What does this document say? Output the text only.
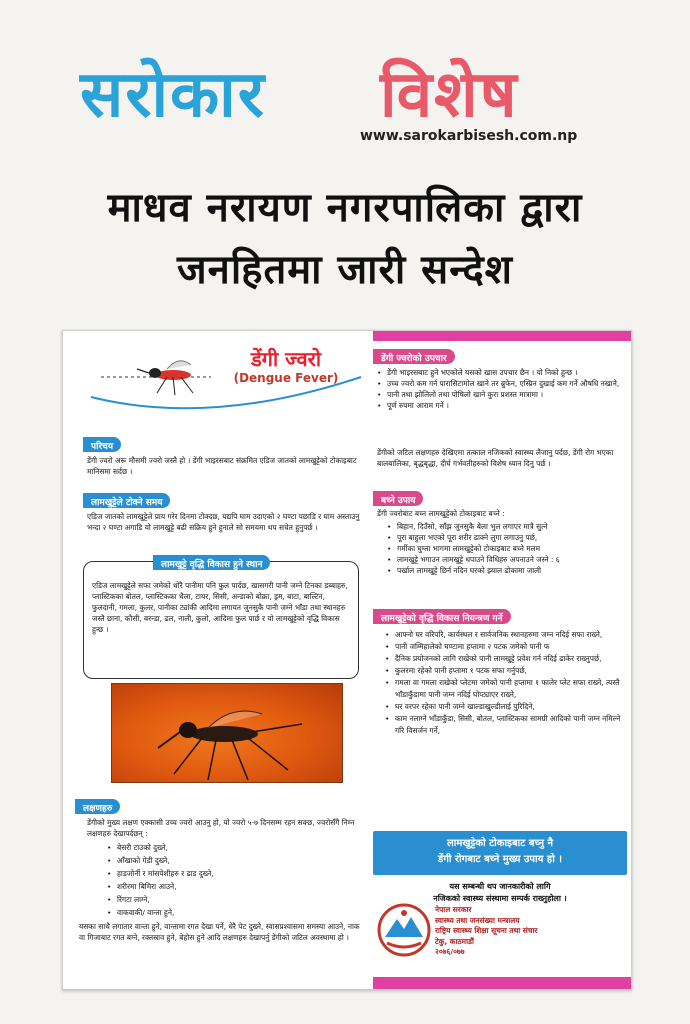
सरोकार विशेष
www.sarokarbisesh.com.np
माधव नरायण नगरपालिका द्वारा
जनहितमा जारी सन्देश
डेंगी ज्वरो
(Dengue Fever)
परिचय
डेंगी ज्वरो अरू मौसमी ज्वरो जस्तै हो । डेंगी भाइरसबाट संक्रमित एडिज जातको लामखुट्टेको टोकाइबाट मानिसमा सर्दछ ।
लामखुट्टेले टोक्ने समय
एडिज जातको लामखुट्टेले प्राय गरेर दिनमा टोक्दछ, यद्यपि घाम उदाएको २ घण्टा पछाडि र घाम अस्ताउनु भन्दा २ घण्टा अगाडि यो लामखुट्टे बढी सक्रिय हुने हुनाले सो समयमा थप सचेत हुनुपर्छ ।
एडिज लामखुट्टेले सफा जमेको थोरै पानीमा पनि फुल पार्दछ, खासगरी पानी जम्ने टिनका डब्बाहरु, प्लास्टिकका बोतल, प्लास्टिकका थैला, टायर, सिसी, अन्डाको बोक्रा, ड्रम, बाटा, बाल्टिन, फुलदानी, गमला, कुलर, पानीका ट्यांकी आदिमा लगायत जुनसुकै पानी जम्ने भाँडा तथा स्थानहरु जस्तै छाना, कौसी, बरन्डा, ढल, नाली, कुलो, आदिमा फुल पार्छ र यो लामखुट्टेको वृद्धि विकास हुन्छ ।
लामखुट्टे वृद्धि विकास हुने स्थान
लक्षणहरु
डेंगीको मुख्य लक्षण एक्कासी उच्च ज्वरो आउनु हो, यो ज्वरो ५-७ दिनसम्म रहन सक्छ, ज्वरोसँगै निम्न लक्षणहरु देखापर्दछन् :
• बेसरी टाउको दुख्ने,
• आँखाको गेडी दुख्ने,
• हाड़जोर्नी र मांसपेशीहरु र ढाड दुख्ने,
• शरीरमा बिमिरा आउने,
• रिंगटा लाग्ने,
• वाकवाकी/ वान्ता हुने,
यसका साथै लगातार वान्ता हुने, वान्तामा रगत देखा पर्ने, धेरै पेट दुख्ने, स्वासप्रश्वासमा समस्या आउने, नाक वा गिजाबाट रगत बग्ने, रक्तस्राव हुने, बेहोस हुने आदि लक्षणहरु देखापर्नु डेंगीको जटिल अवस्थामा हो ।
डेंगी ज्वरोको उपचार
• डेंगी भाइरसबाट हुने भएकोले यसको खास उपचार छैन । यो निको हुन्छ ।
• उच्च ज्वरो कम गर्न पारासिटामोल खाने तर ब्रुफेन, एस्प्रिन दुखाई कम गर्ने औषधि नखाने,
• पानी तथा झोलिलो तथा पोषिलो खाने कुरा प्रशस्त मात्रामा ।
• पूर्ण रुपमा आराम गर्ने ।
डेंगीको जटिल लक्षणहरु देखिएमा तत्काल नजिकको स्वास्थ्य लैजानु पर्दछ, डेंगी रोग भएका बालबालिका, बृद्धबृद्धा, दीर्घ गर्भवतीहरुको विशेष ध्यान दिनु पर्छ ।
बच्ने उपाय
डेंगी ज्वरोबाट बच्न लामखुट्टेको टोकाइबाट बच्ने :
• बिहान, दिउँसो, साँझ जुनसुकै बेला भुल लगाएर मात्रै सुत्ने
• पूरा बाहुला भएको पूरा शरीर ढाक्ने लुगा लगाउनु पर्छ,
• गर्मीका घुम्ता भागमा लामखुट्टेको टोकाइबाट बच्ने मलम
• लामखुट्टे भगाउन लामखुट्टे धपाउने विधिहरु अपनाउने जस्ने : ६
• पर्खाल लामखुट्टे छिर्न नदिन घरको झ्याल ढोकामा जाली
लामखुट्टेको वृद्धि विकास नियन्त्रण गर्ने
• आफ्नो घर वरिपरि, कार्यस्थल र सार्वजनिक स्थानहरुमा जम्न नदिई सफा राख्ने,
• पानी जम्मिहालेको घण्टामा हप्तामा २ पटक जमेको पानी फ
• दैनिक प्रयोजनको लागि राखेको पानी लामखुट्टे प्रवेश गर्न नदिई ढाकेर राख्नुपर्छ,
• कुलरमा रहेको पानी हप्तामा १ पटक सफा गर्नुपर्छ,
• गमला वा गमला राखेको प्लेटमा जमेको पानी हप्तामा १ फालेर प्लेट सफा राख्ने, त्यस्तै भाँडाकुँडामा पानी जम्न नदिई घोप्ट्याएर राख्ने,
• घर वरपर रहेका पानी जम्ने खाल्डाखुल्डीलाई पुरिदिने,
• काम नलाग्ने भाँडाकुँडा, सिसी, बोतल, प्लास्टिकका सामग्री आदिको पानी जम्न नमिल्ने गरि विसर्जन गर्ने,
लामखुट्टेको टोकाइबाट बच्नु नै
डेंगी रोगबाट बच्ने मुख्य उपाय हो ।
यस सम्बन्धी थप जानकारीको लागि
नजिकको स्वास्थ्य संस्थामा सम्पर्क राख्नुहोला ।
नेपाल सरकार
स्वास्थ्य तथा जनसंख्या मन्त्रालय
राष्ट्रिय स्वास्थ्य शिक्षा सूचना तथा संचार
टेकु, काठमाडौं
२०७६/०७७
